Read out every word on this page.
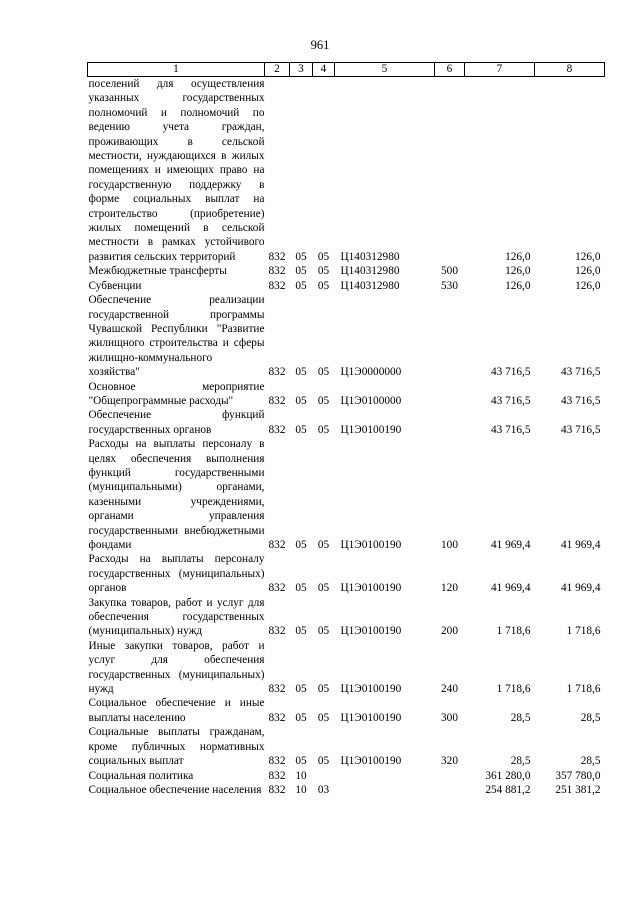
961
1	2	3	4	5	6	7	8
поселений для осуществления указанных государственных полномочий и полномочий по ведению учета граждан, проживающих в сельской местности, нуждающихся в жилых помещениях и имеющих право на государственную поддержку в форме социальных выплат на строительство (приобретение) жилых помещений в сельской местности в рамках устойчивого развития сельских территорий	832	05	05	Ц140312980		126,0	126,0
Межбюджетные трансферты	832	05	05	Ц140312980	500	126,0	126,0
Субвенции	832	05	05	Ц140312980	530	126,0	126,0
Обеспечение реализации государственной программы Чувашской Республики "Развитие жилищного строительства и сферы жилищно-коммунального хозяйства"	832	05	05	Ц1Э0000000		43 716,5	43 716,5
Основное мероприятие "Общепрограммные расходы"	832	05	05	Ц1Э0100000		43 716,5	43 716,5
Обеспечение функций государственных органов	832	05	05	Ц1Э0100190		43 716,5	43 716,5
Расходы на выплаты персоналу в целях обеспечения выполнения функций государственными (муниципальными) органами, казенными учреждениями, органами управления государственными внебюджетными фондами	832	05	05	Ц1Э0100190	100	41 969,4	41 969,4
Расходы на выплаты персоналу государственных (муниципальных) органов	832	05	05	Ц1Э0100190	120	41 969,4	41 969,4
Закупка товаров, работ и услуг для обеспечения государственных (муниципальных) нужд	832	05	05	Ц1Э0100190	200	1 718,6	1 718,6
Иные закупки товаров, работ и услуг для обеспечения государственных (муниципальных) нужд	832	05	05	Ц1Э0100190	240	1 718,6	1 718,6
Социальное обеспечение и иные выплаты населению	832	05	05	Ц1Э0100190	300	28,5	28,5
Социальные выплаты гражданам, кроме публичных нормативных социальных выплат	832	05	05	Ц1Э0100190	320	28,5	28,5
Социальная политика	832	10				361 280,0	357 780,0
Социальное обеспечение населения	832	10	03			254 881,2	251 381,2
